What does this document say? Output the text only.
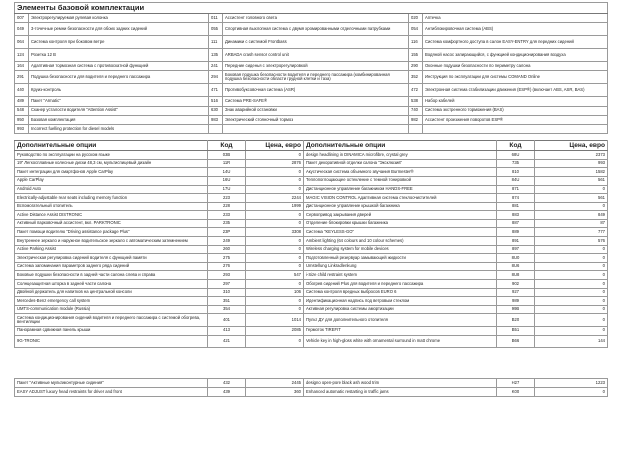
Элементы базовой комплектации					
007	Электрорегулируемая рулевая колонка	011	Ассистент головного света	020	Аптечка
049	3-точечные ремни безопасности для обоих задних сидений	055	Спортивная выхлопная система с двумя хромированными отделочными патрубками	054	Антиблокировочная система (ABS)
064	Система контроля при боковом ветре	111	Динамики с системой Frontbass	116	Система комфортного доступа в салон EASY-ENTRY для передних сидений
124	Розетка 12 В	135	ARBADA crash sensor control unit	155	Водяной насос запирающийся, с функцией кондиционирования воздуха
164	Адаптивная тормозная система с противоскатной функцией	241	Передние сиденья с электрорегулировкой	290	Оконные подушки безопасности по периметру салона
291	Подушка безопасности для водителя и переднего пассажира	294	Боковая подушка безопасности водителя и переднего пассажира (комбинированная подушка безопасности области грудной клетки и таза)	352	Инструкция по эксплуатации для системы COMAND Online
440	Круиз-контроль	471	Противобуксовочная система (ASR)	472	Электронная система стабилизации движения (ESP®) (включает ABS, ASR, BAS)
489	Пакет "Armatic"	516	Система PRE-SAFE®	538	Набор кабелей
548	Сканер усталости водителя "Attention Assist"	630	Знак аварийной остановки	740	Система экстренного торможения (BAS)
950	Базовая комплектация	983	Электрический стояночный тормоз	982	Ассистент проезжения поворотов ESP®
993	Incorrect fuelling protection for diesel models				
Дополнительные опции	Код	Цена, евро	Дополнительные опции	Код	Цена, евро
Руководство по эксплуатации на русском языке	03B	0	design headlining in DINAMICA microfibre, crystal grey	68U	2373
19" Легкосплавные колесные диски 48,3 см, мультиспицевый дизайн	11R	2876	Пакет декоративной отделки салона "Эксклюзив"	735	993
Пакет интеграции для смартфонов Apple CarPlay	14U	0	Акустическая система объемного звучания Burmester®	810	1582
Apple CarPlay	16U	0	Теплопоглощающее остекление с темной тонировкой	84U	561
Android Auto	17U	0	Дистанционное управление багажником HANDS-FREE	871	0
Electrically-adjustable rear seats including memory function	223	2244	MAGIC VISION CONTROL Адаптивная система стеклоочистителей	874	561
Вспомогательный отопитель	228	1999	Дистанционное управление крышкой багажника	881	0
Active Distance Assist DISTRONIC	233	0	Сервопривод закрывания дверей	883	849
Активный парковочный ассистент, вкл. PARKTRONIC	235	0	Отделение блокировки крышки багажника	887	87
Пакет помощи водителю "Driving assistance package Plus"	23P	3308	Система "KEYLESS-GO"	889	777
Внутреннее зеркало и наружное водительское зеркало с автоматическим затемнением	249	0	Ambient lighting (64 colours and 10 colour schemes)	891	576
Active Parking Assist	260	0	Wireless charging system for mobile devices	897	0
Электрическая регулировка сидений водителя с функцией памяти	275	0	Подготовленный резервуар замывающей жидкости	8U0	0
Система запоминания параметров заднего ряда сидений	276	0	Umstellung Linkradlenkung	8U6	0
Боковые подушки безопасности в задней части салона слева и справа	293	547	i-Size child restraint system	8U8	0
Солнцезащитная шторка в задней части салона	297	0	Обогрев сидений Plus для водителя и переднего пассажира	902	0
Двойной держатель для напитков на центральной консоли	310	106	Система контроля вредных выбросов EURO 6	927	0
Mercedes-Benz emergency call system	351	0	Идентификационная надпись под ветровым стеклом	989	0
UMTS-communication module (Russia)	354	0	Активная регулировка системы амортизации	99B	0
Система кондиционирования сидений водителя и переднего пассажира с системой обогрева, вентиляции	401	1014	Пульт ДУ для дополнительного отопителя	B20	0
Панорамная сдвижная панель крыши	413	2085	Гермоток TIREFIT	B51	0
9G-TRONIC	421	0	Vehicle key in high-gloss white with ornamental surround in matt chrome	B66	144
Пакет "Активные мультиконтурные сидения"	432	2445	designo open-pore black ash wood trim	H27	1223
EASY ADJUST luxury head restraints for driver and front	439	360	Enhanced automatic restarting in traffic jams	K00	0
